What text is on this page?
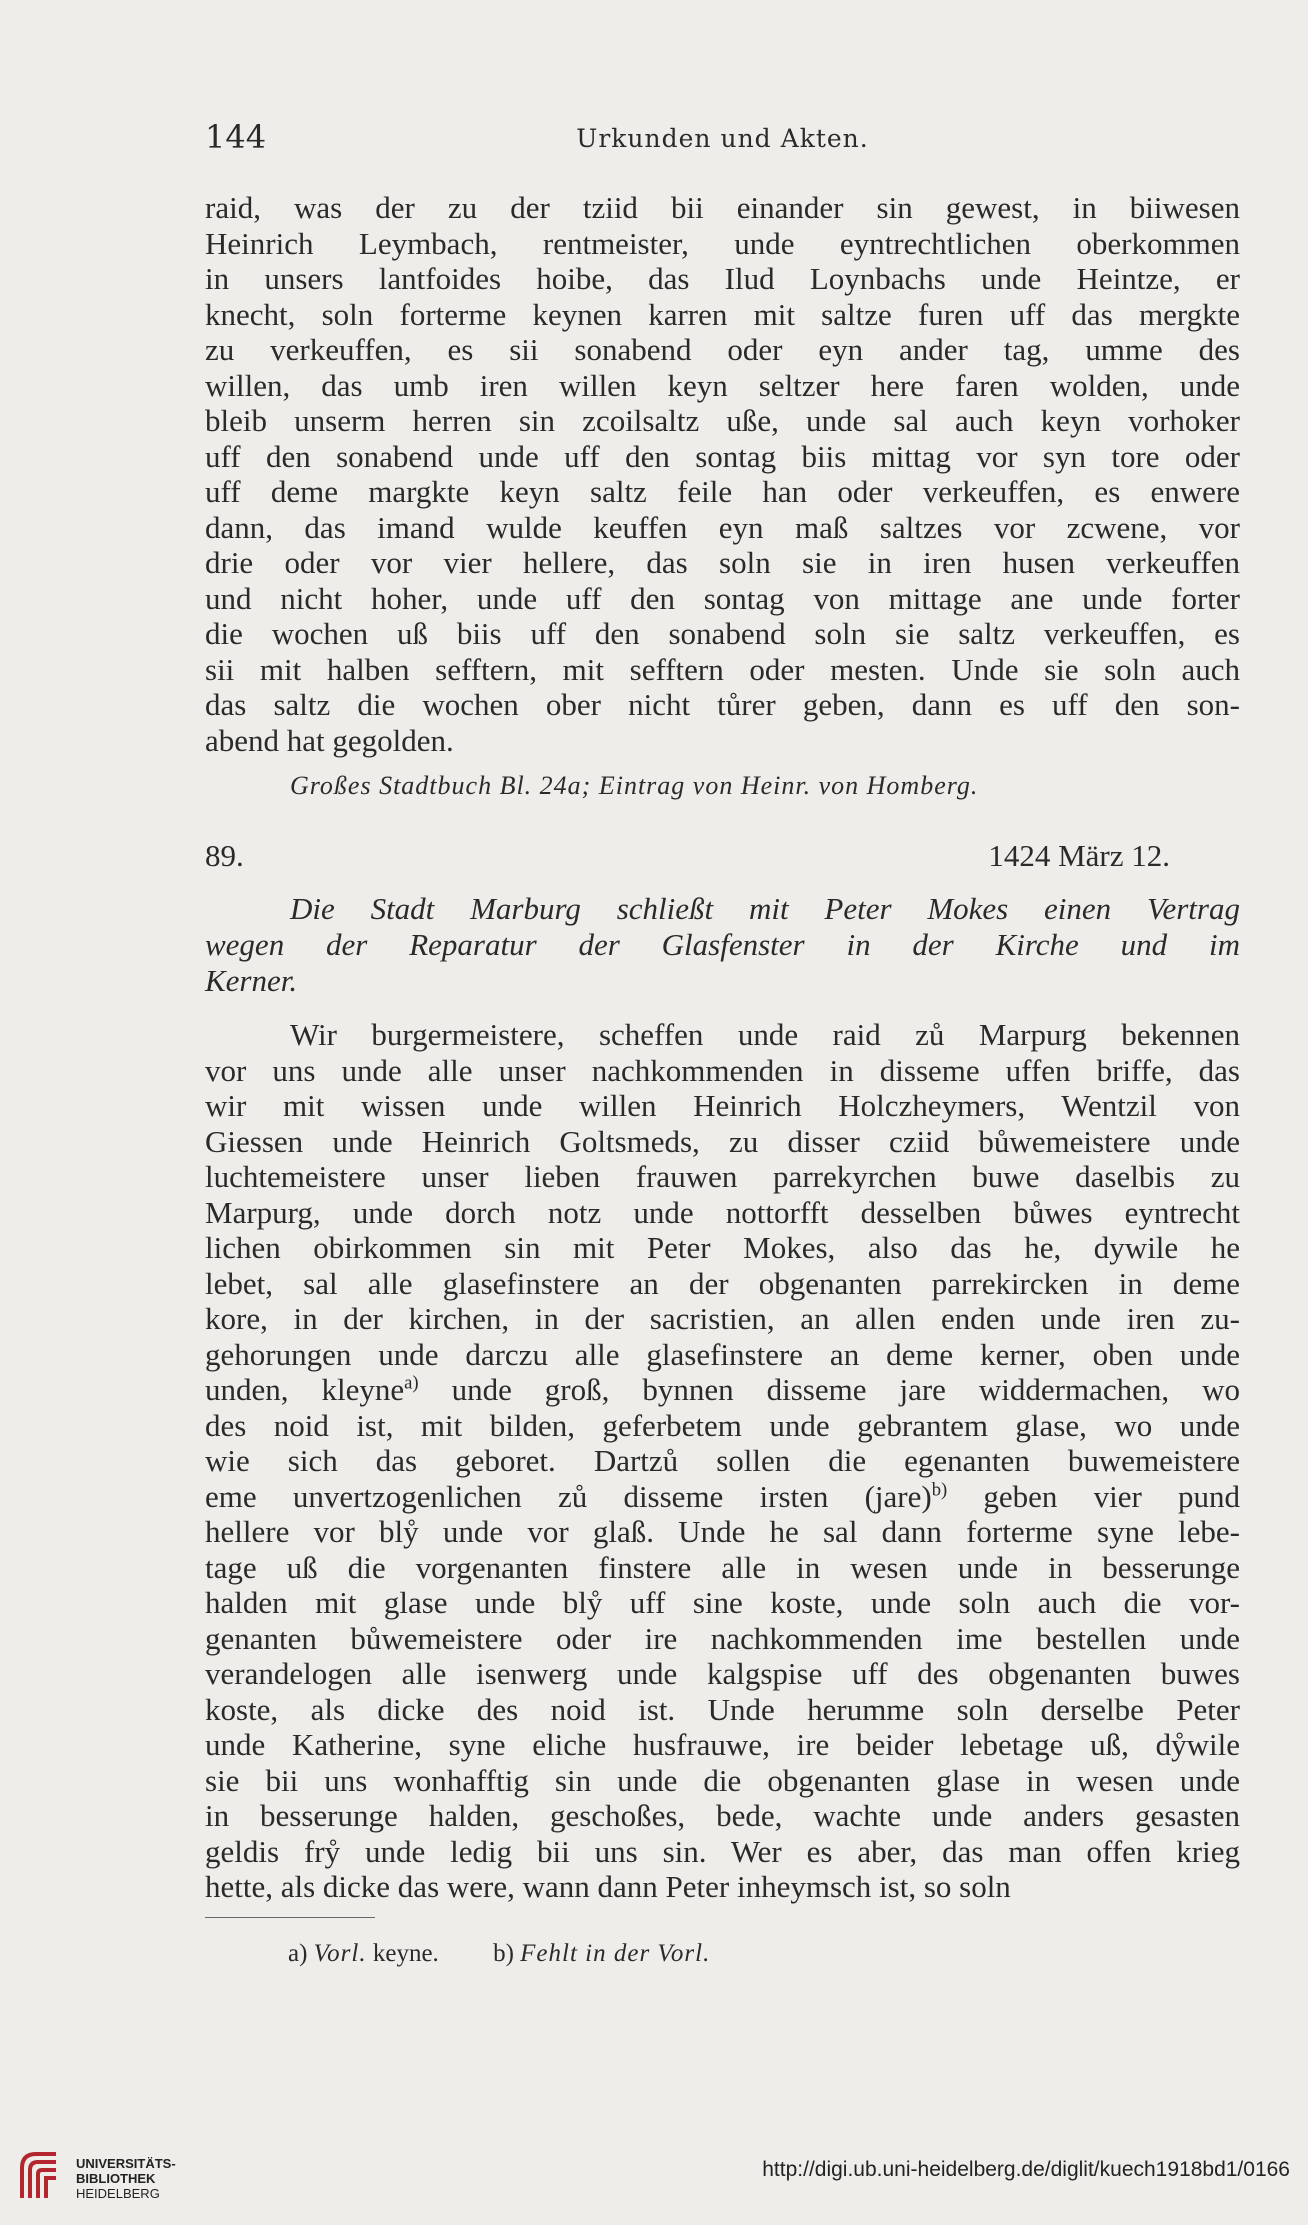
144	Urkunden und Akten.
raid, was der zu der tziid bii einander sin gewest, in biiwesen
Heinrich Leymbach, rentmeister, unde eyntrechtlichen oberkommen
in unsers lantfoides hoibe, das Ilud Loynbachs unde Heintze, er
knecht, soln forterme keynen karren mit saltze furen uff das mergkte
zu verkeuffen, es sii sonabend oder eyn ander tag, umme des
willen, das umb iren willen keyn seltzer here faren wolden, unde
bleib unserm herren sin zcoilsaltz uße, unde sal auch keyn vorhoker
uff den sonabend unde uff den sontag biis mittag vor syn tore oder
uff deme margkte keyn saltz feile han oder verkeuffen, es enwere
dann, das imand wulde keuffen eyn maß saltzes vor zcwene, vor
drie oder vor vier hellere, das soln sie in iren husen verkeuffen
und nicht hoher, unde uff den sontag von mittage ane unde forter
die wochen uß biis uff den sonabend soln sie saltz verkeuffen, es
sii mit halben sefftern, mit sefftern oder mesten. Unde sie soln auch
das saltz die wochen ober nicht tůrer geben, dann es uff den son-
abend hat gegolden.
Großes Stadtbuch Bl. 24a; Eintrag von Heinr. von Homberg.
89.	1424 März 12.
Die Stadt Marburg schließt mit Peter Mokes einen Vertrag
wegen der Reparatur der Glasfenster in der Kirche und im
Kerner.
Wir burgermeistere, scheffen unde raid zů Marpurg bekennen
vor uns unde alle unser nachkommenden in disseme uffen briffe, das
wir mit wissen unde willen Heinrich Holczheymers, Wentzil von
Giessen unde Heinrich Goltsmeds, zu disser cziid bůwemeistere unde
luchtemeistere unser lieben frauwen parrekyrchen buwe daselbis zu
Marpurg, unde dorch notz unde nottorfft desselben bůwes eyntrecht
lichen obirkommen sin mit Peter Mokes, also das he, dywile he
lebet, sal alle glasefinstere an der obgenanten parrekircken in deme
kore, in der kirchen, in der sacristien, an allen enden unde iren zu-
gehorungen unde darczu alle glasefinstere an deme kerner, oben unde
unden, kleyne$^{a)}$ unde groß, bynnen disseme jare widdermachen, wo
des noid ist, mit bilden, geferbetem unde gebrantem glase, wo unde
wie sich das geboret. Dartzů sollen die egenanten buwemeistere
eme unvertzogenlichen zů disseme irsten (jare)$^{b)}$ geben vier pund
hellere vor blẙ unde vor glaß. Unde he sal dann forterme syne lebe-
tage uß die vorgenanten finstere alle in wesen unde in besserunge
halden mit glase unde blẙ uff sine koste, unde soln auch die vor-
genanten bůwemeistere oder ire nachkommenden ime bestellen unde
verandelogen alle isenwerg unde kalgspise uff des obgenanten buwes
koste, als dicke des noid ist. Unde herumme soln derselbe Peter
unde Katherine, syne eliche husfrauwe, ire beider lebetage uß, dẙwile
sie bii uns wonhafftig sin unde die obgenanten glase in wesen unde
in besserunge halden, geschoßes, bede, wachte unde anders gesasten
geldis frẙ unde ledig bii uns sin. Wer es aber, das man offen krieg
hette, als dicke das were, wann dann Peter inheymsch ist, so soln
a) Vorl. keyne. b) Fehlt in der Vorl.
UNIVERSITÄTS-
BIBLIOTHEK
HEIDELBERG
http://digi.ub.uni-heidelberg.de/diglit/kuech1918bd1/0166
